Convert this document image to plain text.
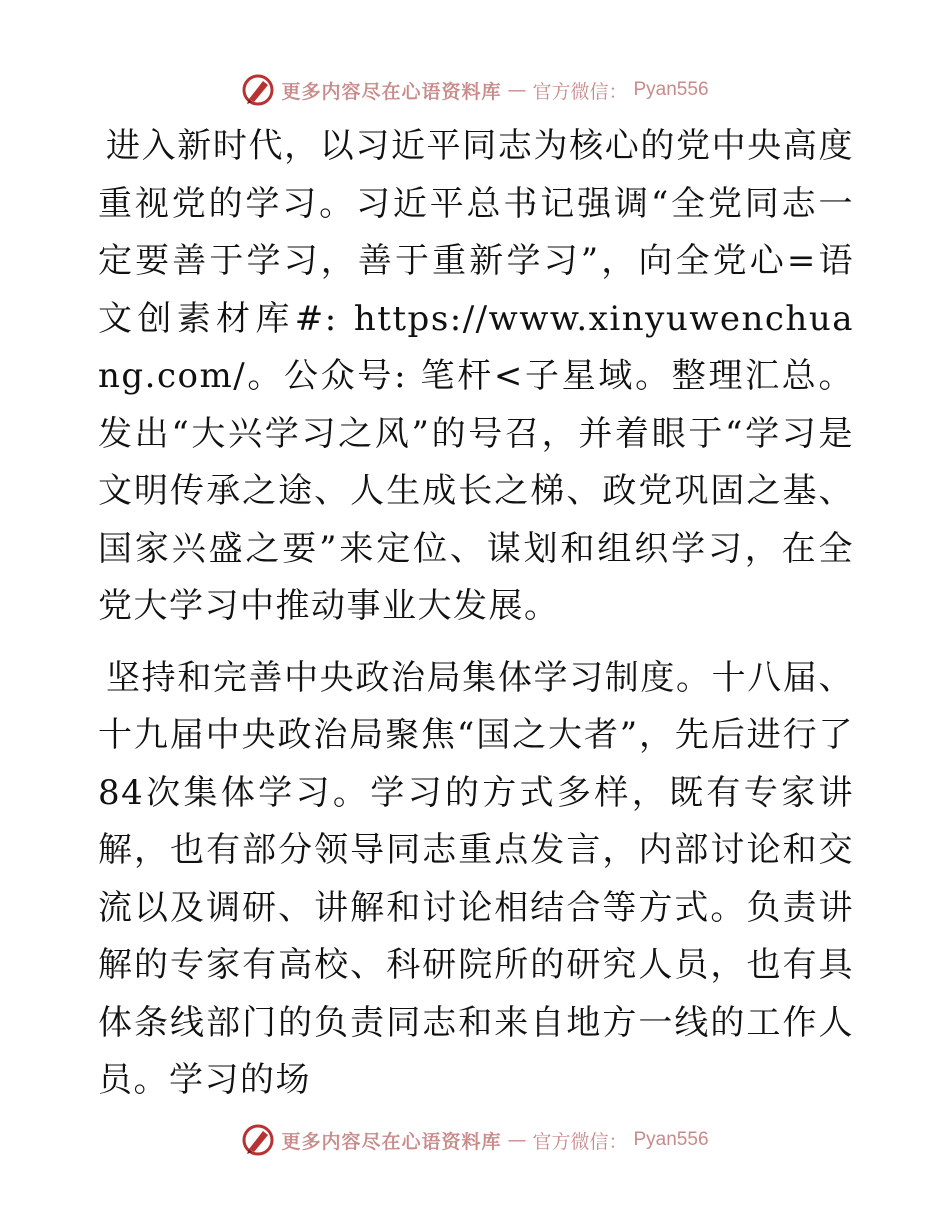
更多内容尽在心语资料库 — 官方微信： Pyan556

进入新时代，以习近平同志为核心的党中央高度重视党的学习。习近平总书记强调“全党同志一定要善于学习，善于重新学习”，向全党心=语文创素材库#: https://www.xinyuwenchuang.com/。公众号: 笔杆<子星域。整理汇总。发出“大兴学习之风”的号召，并着眼于“学习是文明传承之途、人生成长之梯、政党巩固之基、国家兴盛之要”来定位、谋划和组织学习，在全党大学习中推动事业大发展。

坚持和完善中央政治局集体学习制度。十八届、十九届中央政治局聚焦“国之大者”，先后进行了84次集体学习。学习的方式多样，既有专家讲解，也有部分领导同志重点发言，内部讨论和交流以及调研、讲解和讨论相结合等方式。负责讲解的专家有高校、科研院所的研究人员，也有具体条线部门的负责同志和来自地方一线的工作人员。学习的场

更多内容尽在心语资料库 — 官方微信： Pyan556
